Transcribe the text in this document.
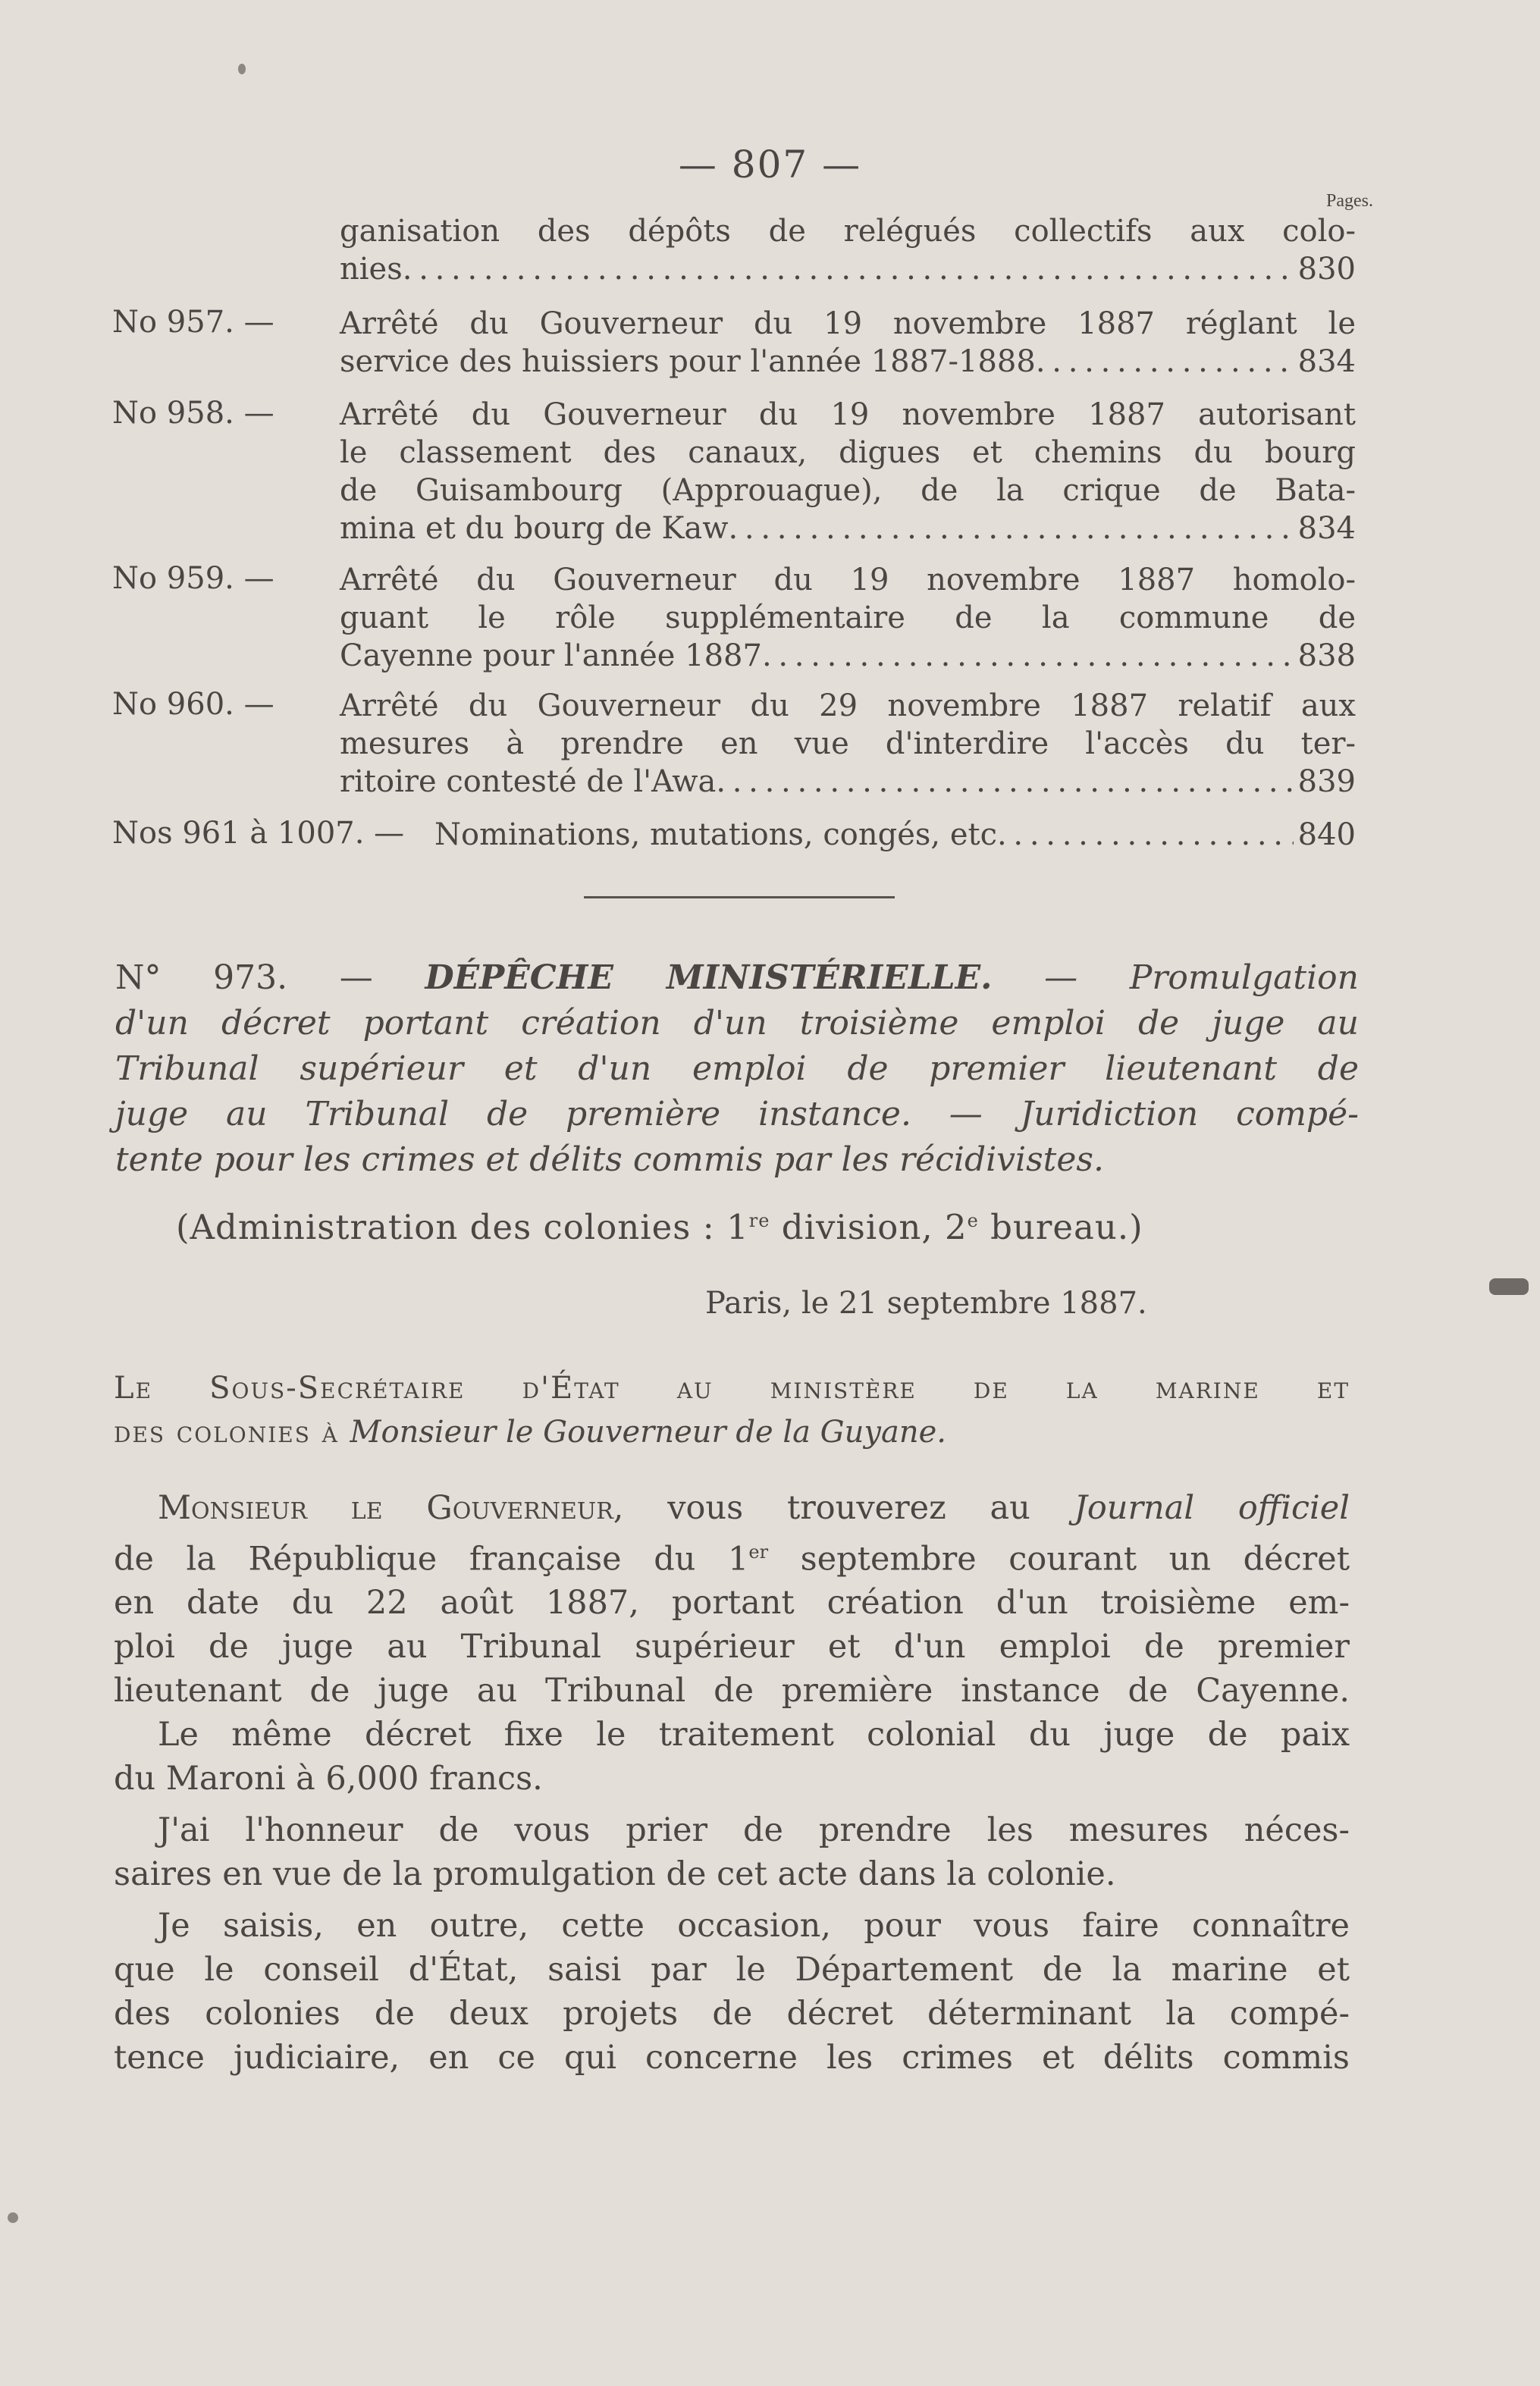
— 807 —
Pages.
ganisation des dépôts de relégués collectifs aux colo-
nies . . .	830
No 957. — Arrêté du Gouverneur du 19 novembre 1887 réglant le
service des huissiers pour l'année 1887-1888 . . .	834
No 958. — Arrêté du Gouverneur du 19 novembre 1887 autorisant
le classement des canaux, digues et chemins du bourg
de Guisambourg (Approuague), de la crique de Bata-
mina et du bourg de Kaw . . .	834
No 959. — Arrêté du Gouverneur du 19 novembre 1887 homolo-
guant le rôle supplémentaire de la commune de
Cayenne pour l'année 1887 . . .	838
No 960. — Arrêté du Gouverneur du 29 novembre 1887 relatif aux
mesures à prendre en vue d'interdire l'accès du ter-
ritoire contesté de l'Awa . . .	839
Nos 961 à 1007. — Nominations, mutations, congés, etc . . .	840
N° 973. — DÉPÊCHE MINISTÉRIELLE. — Promulgation
d'un décret portant création d'un troisième emploi de juge au
Tribunal supérieur et d'un emploi de premier lieutenant de
juge au Tribunal de première instance. — Juridiction compé-
tente pour les crimes et délits commis par les récidivistes.
(Administration des colonies : 1re division, 2e bureau.)
Paris, le 21 septembre 1887.
Le Sous-Secrétaire d'État au ministère de la marine et
des colonies à Monsieur le Gouverneur de la Guyane.
Monsieur le Gouverneur, vous trouverez au Journal officiel
de la République française du 1er septembre courant un décret
en date du 22 août 1887, portant création d'un troisième em-
ploi de juge au Tribunal supérieur et d'un emploi de premier
lieutenant de juge au Tribunal de première instance de Cayenne.
Le même décret fixe le traitement colonial du juge de paix
du Maroni à 6,000 francs.
J'ai l'honneur de vous prier de prendre les mesures néces-
saires en vue de la promulgation de cet acte dans la colonie.
Je saisis, en outre, cette occasion, pour vous faire connaître
que le conseil d'État, saisi par le Département de la marine et
des colonies de deux projets de décret déterminant la compé-
tence judiciaire, en ce qui concerne les crimes et délits commis
